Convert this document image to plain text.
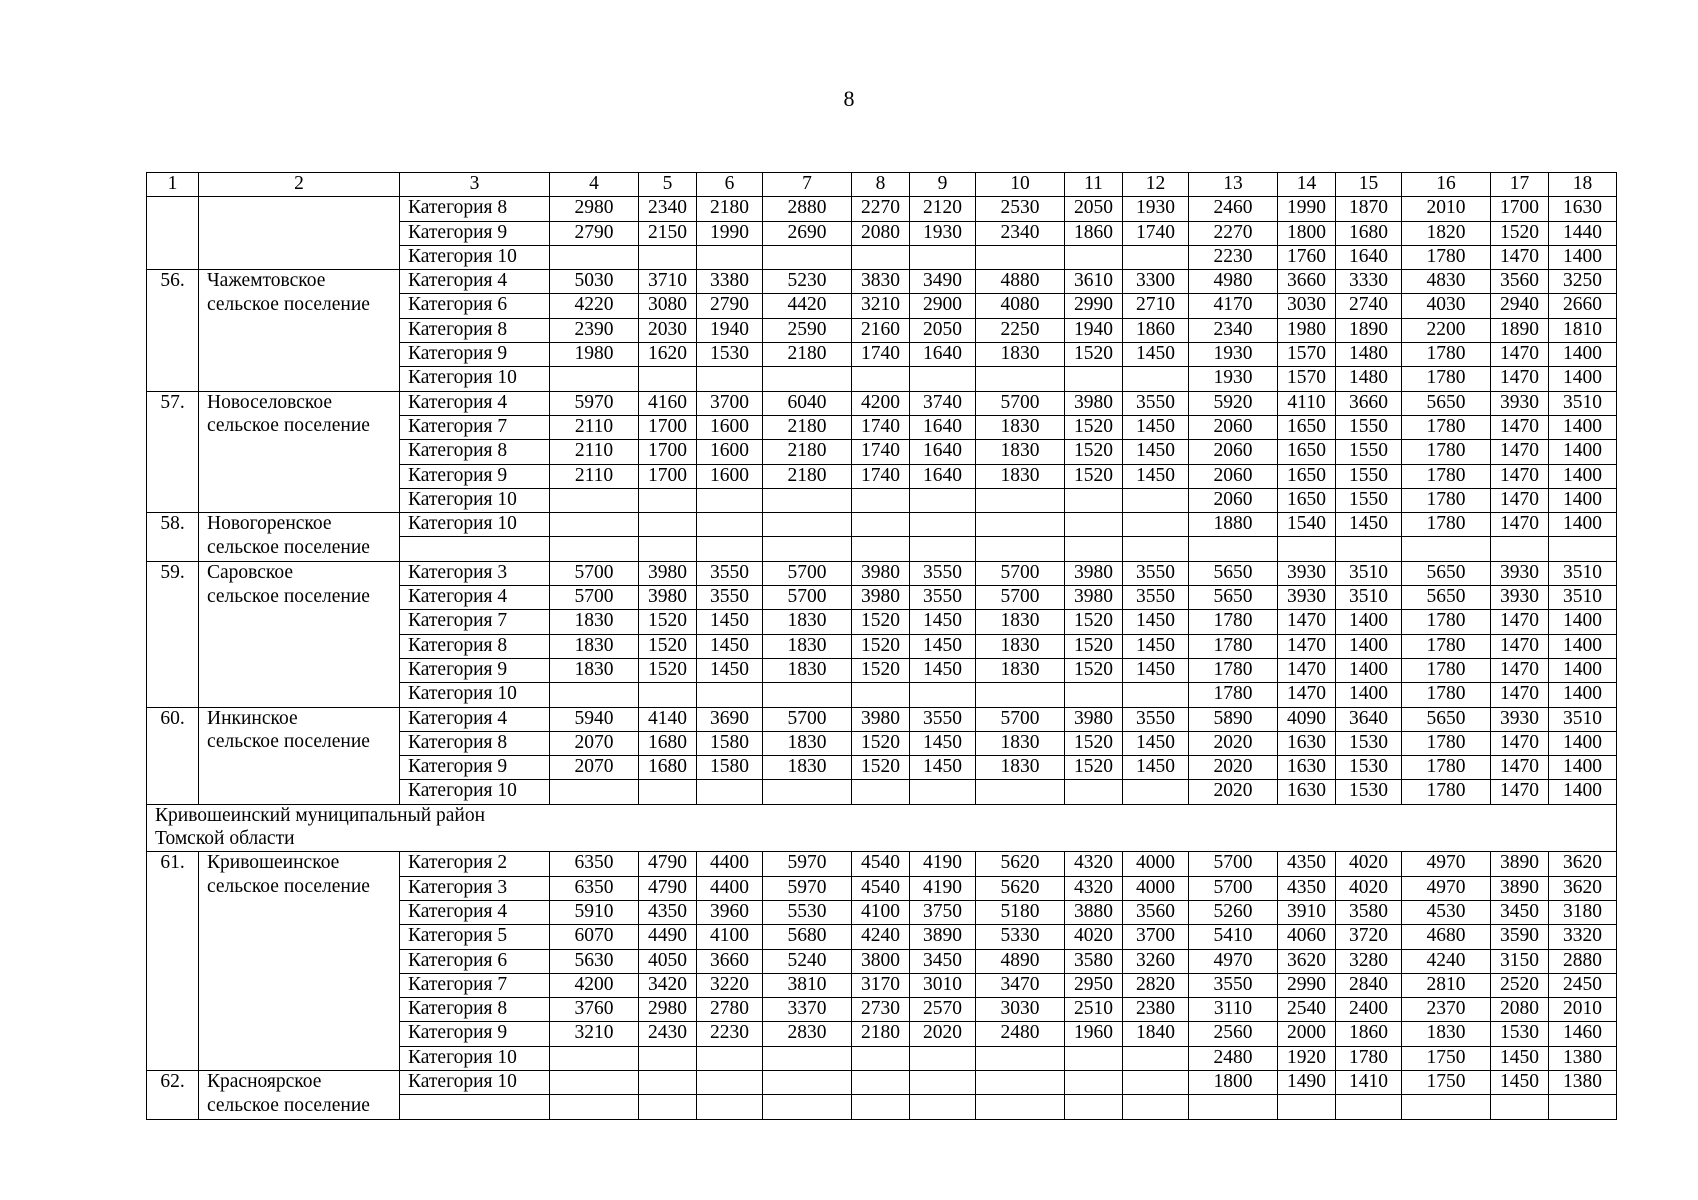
8
1	2	3	4	5	6	7	8	9	10	11	12	13	14	15	16	17	18
		Категория 8	2980	2340	2180	2880	2270	2120	2530	2050	1930	2460	1990	1870	2010	1700	1630
		Категория 9	2790	2150	1990	2690	2080	1930	2340	1860	1740	2270	1800	1680	1820	1520	1440
		Категория 10										2230	1760	1640	1780	1470	1400
56.	Чажемтовское	Категория 4	5030	3710	3380	5230	3830	3490	4880	3610	3300	4980	3660	3330	4830	3560	3250
	сельское поселение	Категория 6	4220	3080	2790	4420	3210	2900	4080	2990	2710	4170	3030	2740	4030	2940	2660
		Категория 8	2390	2030	1940	2590	2160	2050	2250	1940	1860	2340	1980	1890	2200	1890	1810
		Категория 9	1980	1620	1530	2180	1740	1640	1830	1520	1450	1930	1570	1480	1780	1470	1400
		Категория 10										1930	1570	1480	1780	1470	1400
57.	Новоселовское	Категория 4	5970	4160	3700	6040	4200	3740	5700	3980	3550	5920	4110	3660	5650	3930	3510
	сельское поселение	Категория 7	2110	1700	1600	2180	1740	1640	1830	1520	1450	2060	1650	1550	1780	1470	1400
		Категория 8	2110	1700	1600	2180	1740	1640	1830	1520	1450	2060	1650	1550	1780	1470	1400
		Категория 9	2110	1700	1600	2180	1740	1640	1830	1520	1450	2060	1650	1550	1780	1470	1400
		Категория 10										2060	1650	1550	1780	1470	1400
58.	Новогоренское	Категория 10										1880	1540	1450	1780	1470	1400
	сельское поселение																
59.	Саровское	Категория 3	5700	3980	3550	5700	3980	3550	5700	3980	3550	5650	3930	3510	5650	3930	3510
	сельское поселение	Категория 4	5700	3980	3550	5700	3980	3550	5700	3980	3550	5650	3930	3510	5650	3930	3510
		Категория 7	1830	1520	1450	1830	1520	1450	1830	1520	1450	1780	1470	1400	1780	1470	1400
		Категория 8	1830	1520	1450	1830	1520	1450	1830	1520	1450	1780	1470	1400	1780	1470	1400
		Категория 9	1830	1520	1450	1830	1520	1450	1830	1520	1450	1780	1470	1400	1780	1470	1400
		Категория 10										1780	1470	1400	1780	1470	1400
60.	Инкинское	Категория 4	5940	4140	3690	5700	3980	3550	5700	3980	3550	5890	4090	3640	5650	3930	3510
	сельское поселение	Категория 8	2070	1680	1580	1830	1520	1450	1830	1520	1450	2020	1630	1530	1780	1470	1400
		Категория 9	2070	1680	1580	1830	1520	1450	1830	1520	1450	2020	1630	1530	1780	1470	1400
		Категория 10										2020	1630	1530	1780	1470	1400
Кривошеинский муниципальный район																	
Томской области																	
61.	Кривошеинское	Категория 2	6350	4790	4400	5970	4540	4190	5620	4320	4000	5700	4350	4020	4970	3890	3620
	сельское поселение	Категория 3	6350	4790	4400	5970	4540	4190	5620	4320	4000	5700	4350	4020	4970	3890	3620
		Категория 4	5910	4350	3960	5530	4100	3750	5180	3880	3560	5260	3910	3580	4530	3450	3180
		Категория 5	6070	4490	4100	5680	4240	3890	5330	4020	3700	5410	4060	3720	4680	3590	3320
		Категория 6	5630	4050	3660	5240	3800	3450	4890	3580	3260	4970	3620	3280	4240	3150	2880
		Категория 7	4200	3420	3220	3810	3170	3010	3470	2950	2820	3550	2990	2840	2810	2520	2450
		Категория 8	3760	2980	2780	3370	2730	2570	3030	2510	2380	3110	2540	2400	2370	2080	2010
		Категория 9	3210	2430	2230	2830	2180	2020	2480	1960	1840	2560	2000	1860	1830	1530	1460
		Категория 10										2480	1920	1780	1750	1450	1380
62.	Красноярское	Категория 10										1800	1490	1410	1750	1450	1380
	сельское поселение																
